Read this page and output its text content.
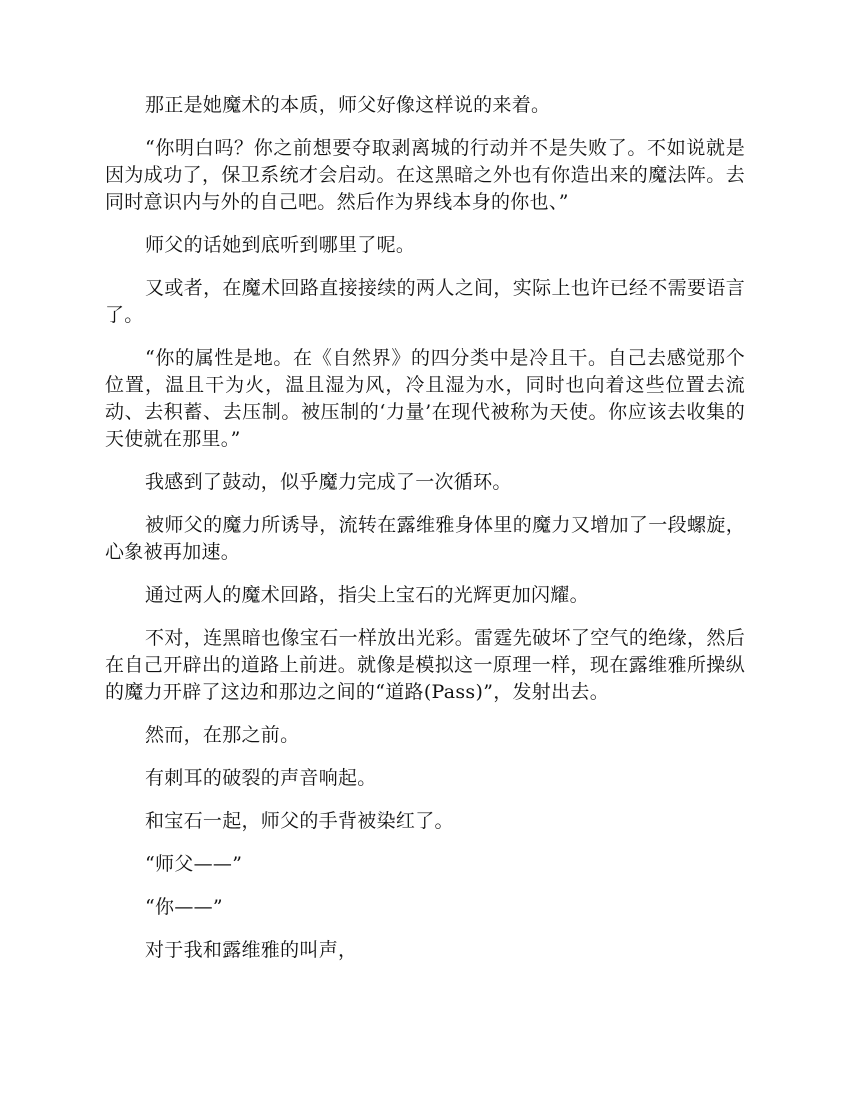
那正是她魔术的本质，师父好像这样说的来着。

“你明白吗？你之前想要夺取剥离城的行动并不是失败了。不如说就是因为成功了，保卫系统才会启动。在这黑暗之外也有你造出来的魔法阵。去同时意识内与外的自己吧。然后作为界线本身的你也、”

师父的话她到底听到哪里了呢。

又或者，在魔术回路直接接续的两人之间，实际上也许已经不需要语言了。

“你的属性是地。在《自然界》的四分类中是冷且干。自己去感觉那个位置，温且干为火，温且湿为风，冷且湿为水，同时也向着这些位置去流动、去积蓄、去压制。被压制的‘力量’在现代被称为天使。你应该去收集的天使就在那里。”

我感到了鼓动，似乎魔力完成了一次循环。

被师父的魔力所诱导，流转在露维雅身体里的魔力又增加了一段螺旋，心象被再加速。

通过两人的魔术回路，指尖上宝石的光辉更加闪耀。

不对，连黑暗也像宝石一样放出光彩。雷霆先破坏了空气的绝缘，然后在自己开辟出的道路上前进。就像是模拟这一原理一样，现在露维雅所操纵的魔力开辟了这边和那边之间的“道路(Pass)”，发射出去。

然而，在那之前。

有刺耳的破裂的声音响起。

和宝石一起，师父的手背被染红了。

“师父——”

“你——”

对于我和露维雅的叫声，
